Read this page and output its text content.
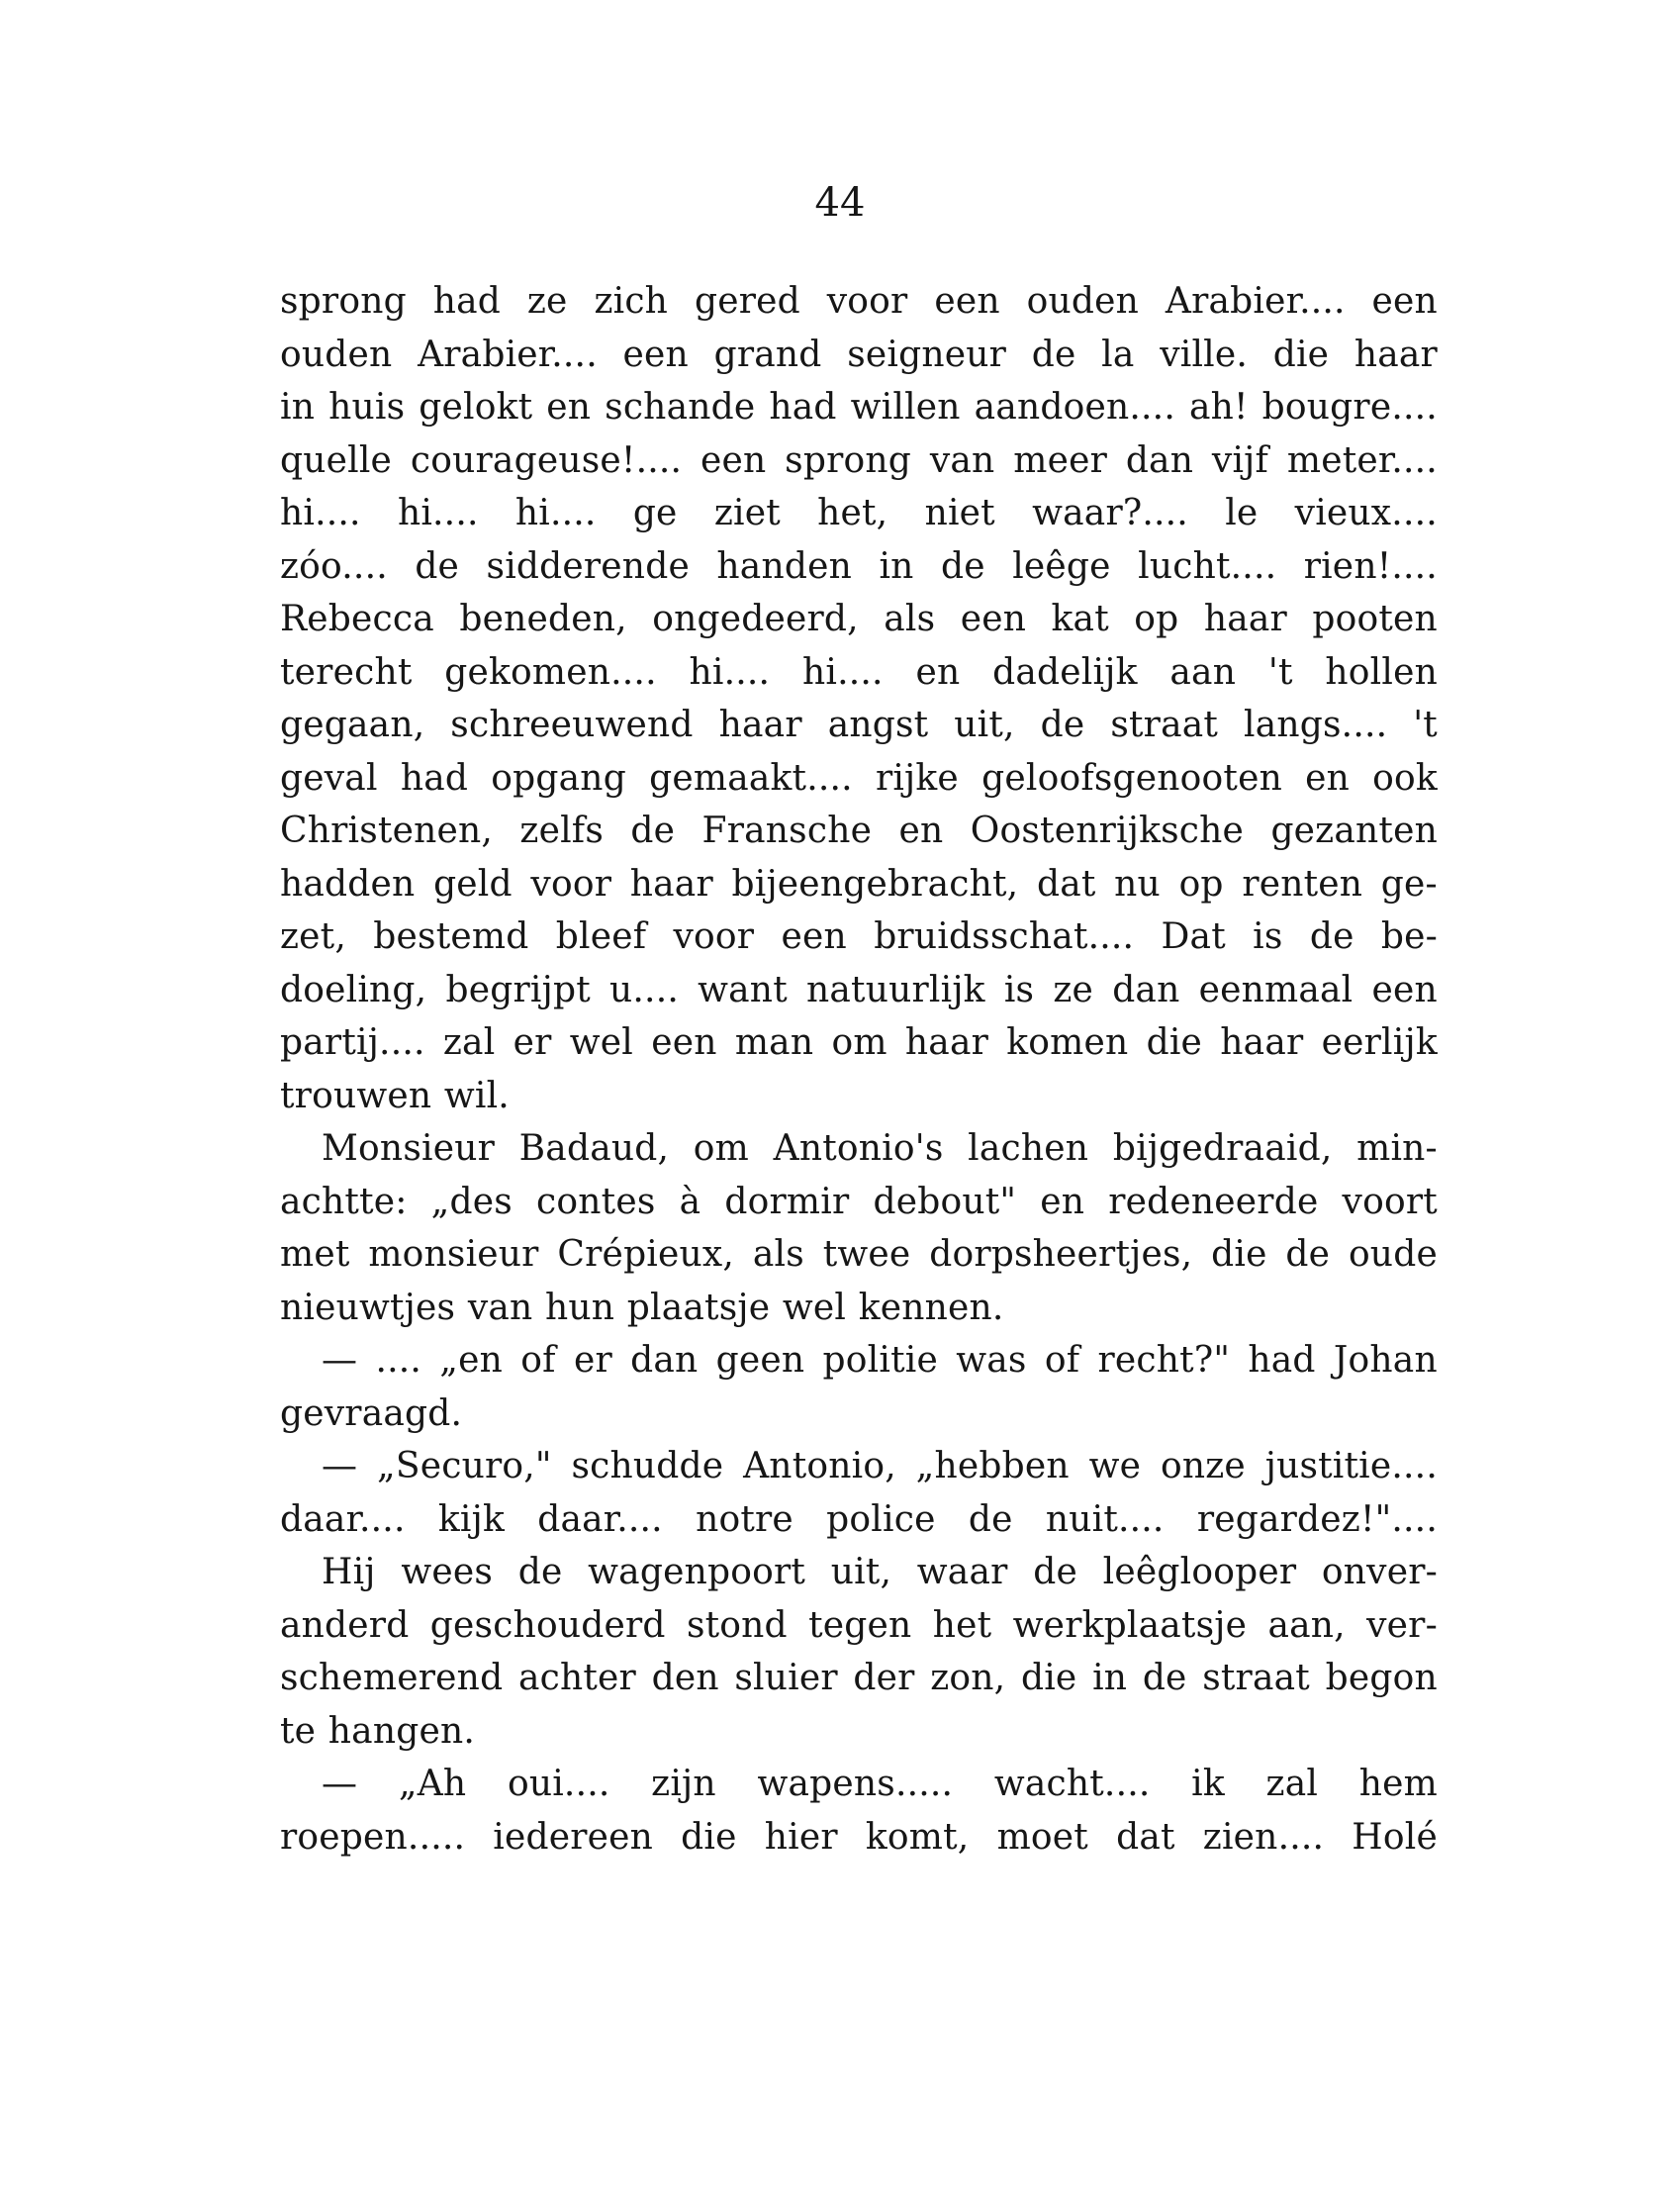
44
sprong had ze zich gered voor een ouden Arabier.... een
ouden Arabier.... een grand seigneur de la ville. die haar
in huis gelokt en schande had willen aandoen.... ah! bougre....
quelle courageuse!.... een sprong van meer dan vijf meter....
hi.... hi.... hi.... ge ziet het, niet waar?.... le vieux....
zóo.... de sidderende handen in de leêge lucht.... rien!....
Rebecca beneden, ongedeerd, als een kat op haar pooten
terecht gekomen.... hi.... hi.... en dadelijk aan 't hollen
gegaan, schreeuwend haar angst uit, de straat langs.... 't
geval had opgang gemaakt.... rijke geloofsgenooten en ook
Christenen, zelfs de Fransche en Oostenrijksche gezanten
hadden geld voor haar bijeengebracht, dat nu op renten ge-
zet, bestemd bleef voor een bruidsschat.... Dat is de be-
doeling, begrijpt u.... want natuurlijk is ze dan eenmaal een
partij.... zal er wel een man om haar komen die haar eerlijk
trouwen wil.
Monsieur Badaud, om Antonio's lachen bijgedraaid, min-
achtte: „des contes à dormir debout" en redeneerde voort
met monsieur Crépieux, als twee dorpsheertjes, die de oude
nieuwtjes van hun plaatsje wel kennen.
— .... „en of er dan geen politie was of recht?" had Johan
gevraagd.
— „Securo," schudde Antonio, „hebben we onze justitie....
daar.... kijk daar.... notre police de nuit.... regardez!"....
Hij wees de wagenpoort uit, waar de leêglooper onver-
anderd geschouderd stond tegen het werkplaatsje aan, ver-
schemerend achter den sluier der zon, die in de straat begon
te hangen.
— „Ah oui.... zijn wapens..... wacht.... ik zal hem
roepen..... iedereen die hier komt, moet dat zien.... Holé
